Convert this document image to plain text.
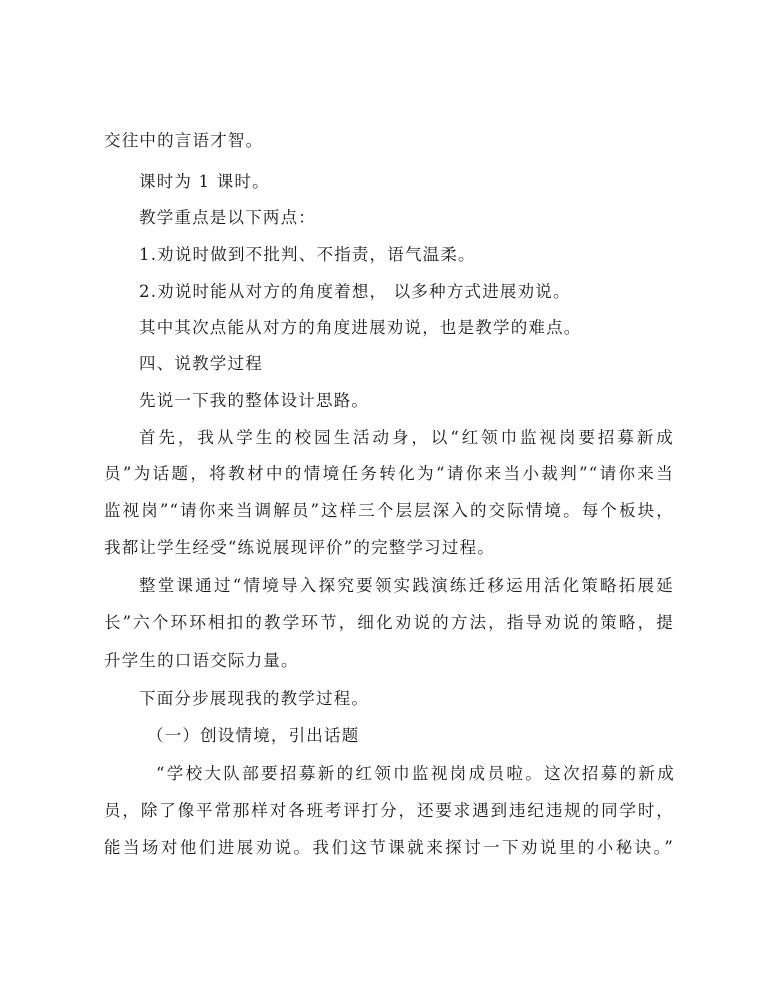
交往中的言语才智。
课时为 1 课时。
教学重点是以下两点：
1.劝说时做到不批判、不指责，语气温柔。
2.劝说时能从对方的角度着想， 以多种方式进展劝说。
其中其次点能从对方的角度进展劝说，也是教学的难点。
四、说教学过程
先说一下我的整体设计思路。
首先，我从学生的校园生活动身，以“红领巾监视岗要招募新成
员”为话题，将教材中的情境任务转化为“请你来当小裁判”“请你来当
监视岗”“请你来当调解员”这样三个层层深入的交际情境。每个板块，
我都让学生经受“练说展现评价”的完整学习过程。
整堂课通过“情境导入探究要领实践演练迁移运用活化策略拓展延
长”六个环环相扣的教学环节，细化劝说的方法，指导劝说的策略，提
升学生的口语交际力量。
下面分步展现我的教学过程。
（一）创设情境，引出话题
“学校大队部要招募新的红领巾监视岗成员啦。这次招募的新成
员，除了像平常那样对各班考评打分，还要求遇到违纪违规的同学时，
能当场对他们进展劝说。我们这节课就来探讨一下劝说里的小秘诀。”
